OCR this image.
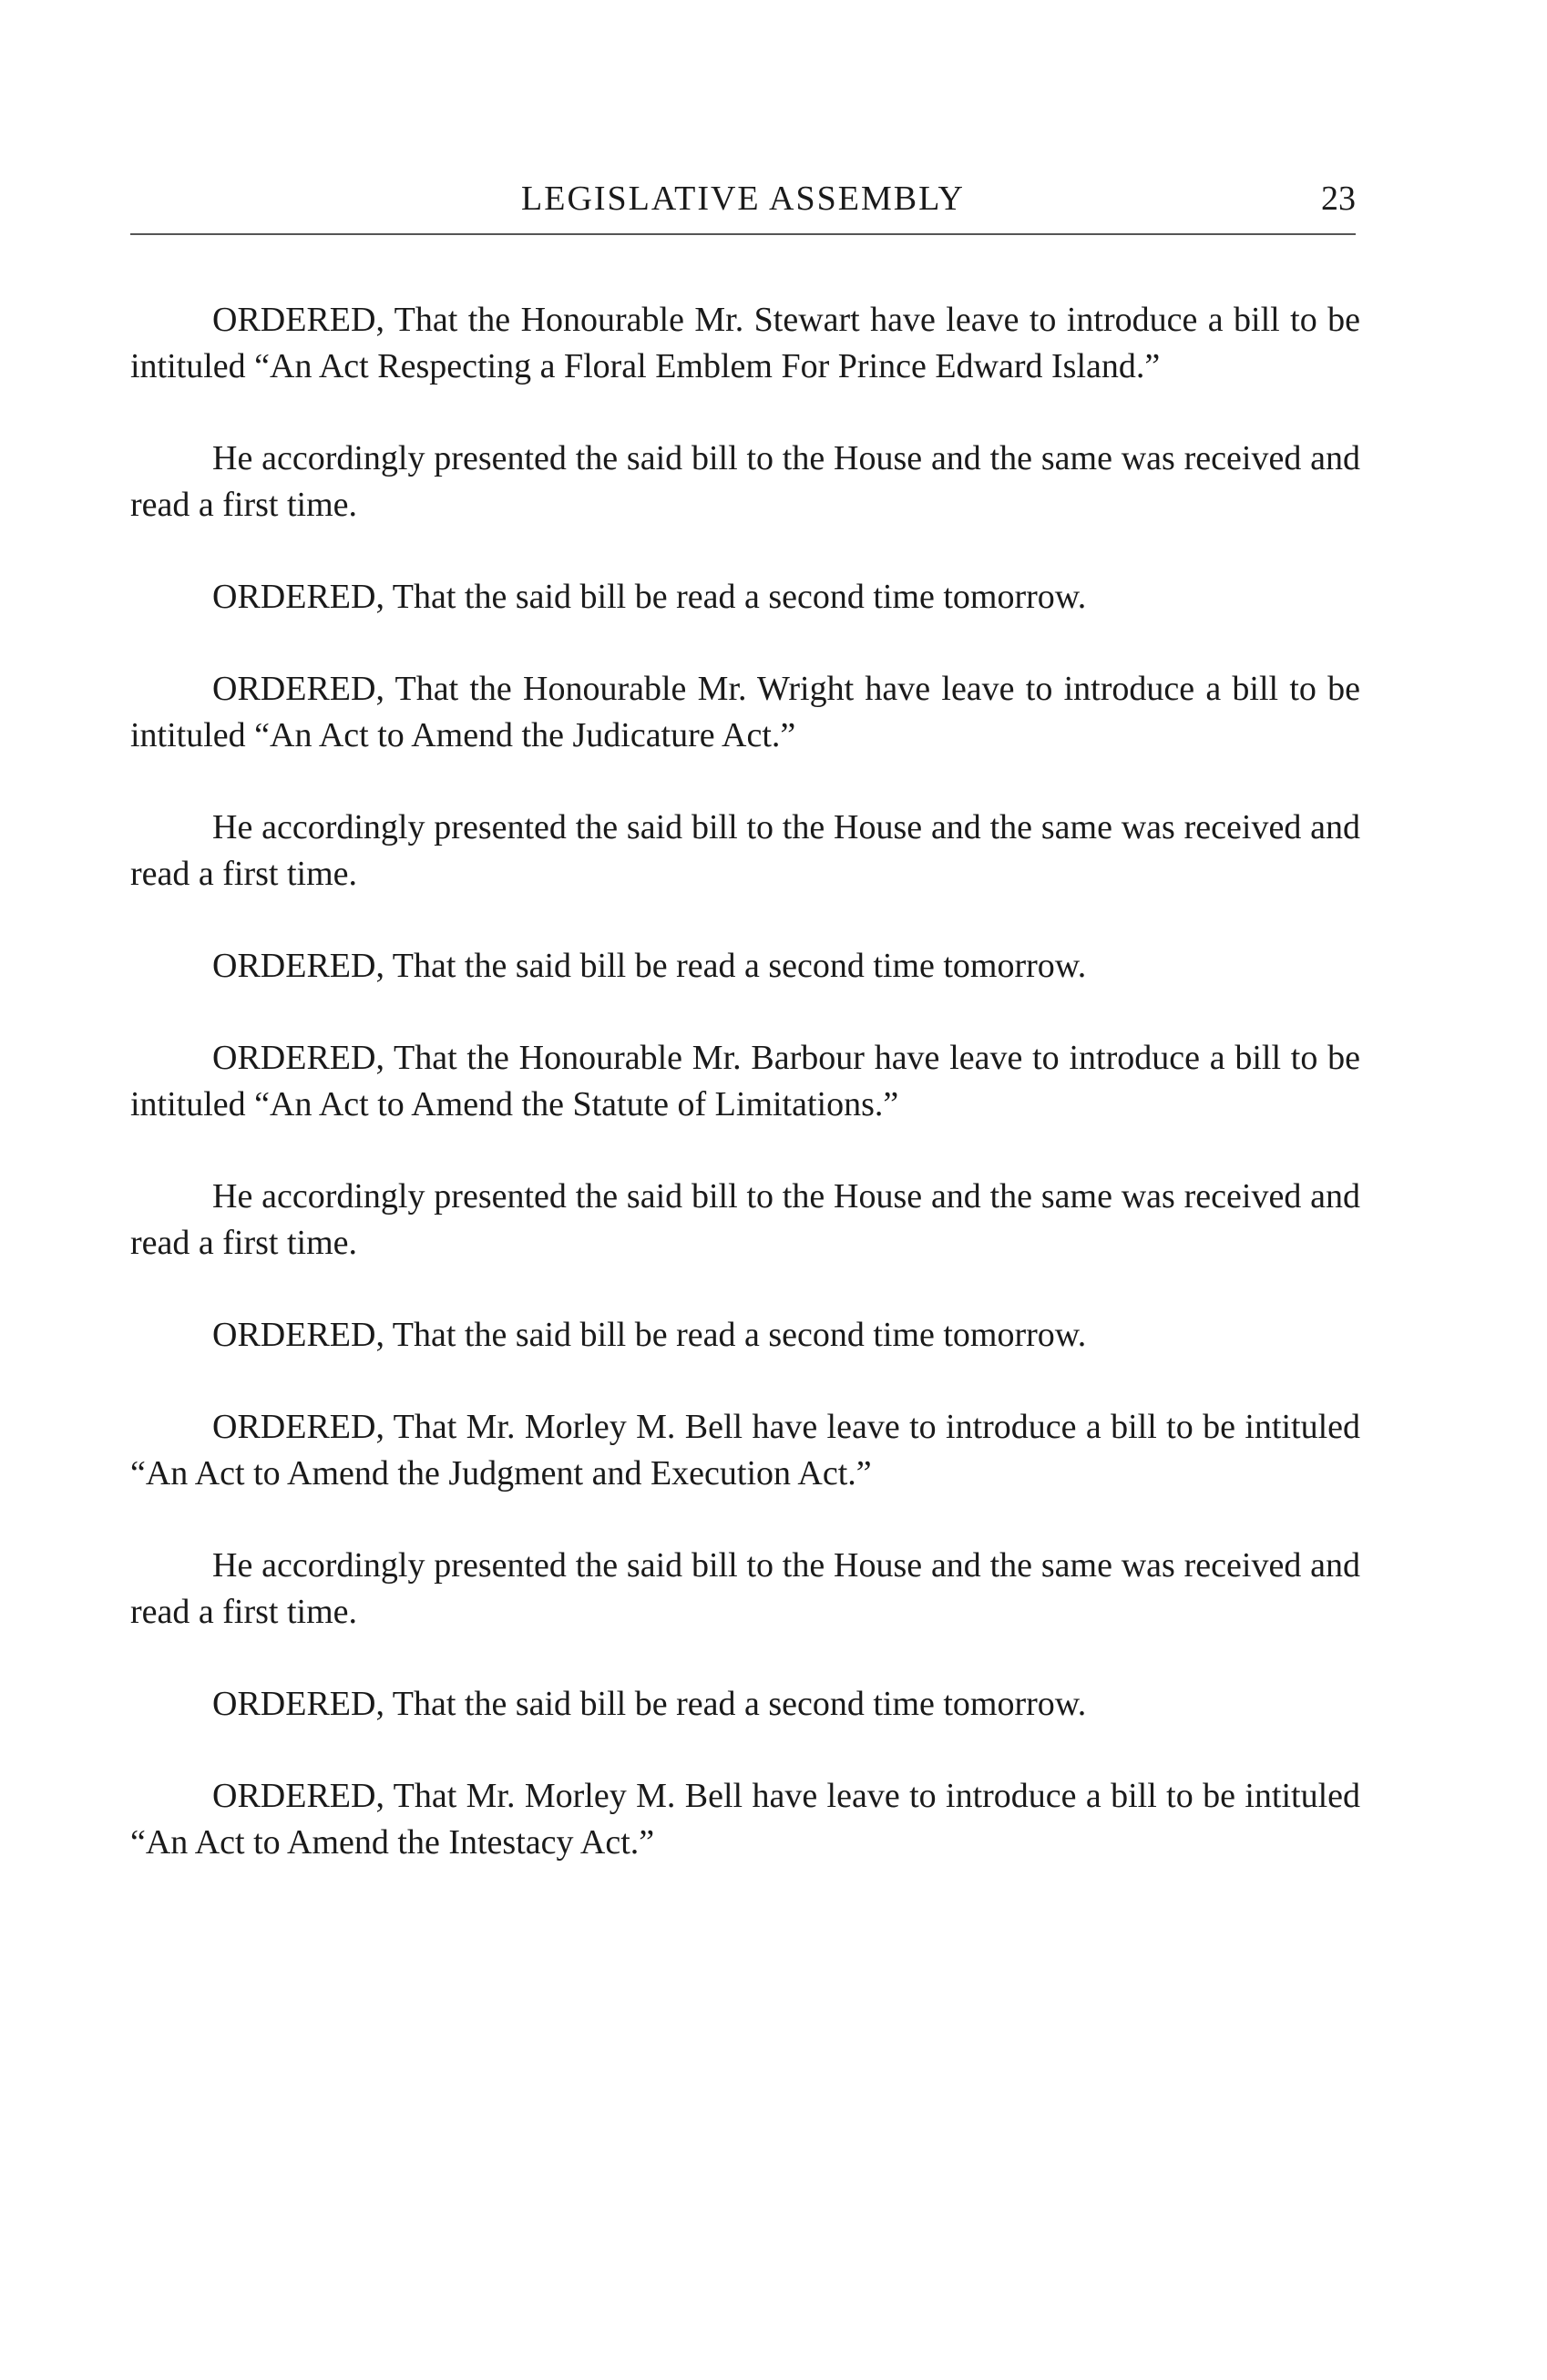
LEGISLATIVE ASSEMBLY	23

ORDERED, That the Honourable Mr. Stewart have leave to introduce a bill to be intituled “An Act Respecting a Floral Emblem For Prince Edward Island.”

He accordingly presented the said bill to the House and the same was received and read a first time.

ORDERED, That the said bill be read a second time tomorrow.

ORDERED, That the Honourable Mr. Wright have leave to introduce a bill to be intituled “An Act to Amend the Judicature Act.”

He accordingly presented the said bill to the House and the same was received and read a first time.

ORDERED, That the said bill be read a second time tomorrow.

ORDERED, That the Honourable Mr. Barbour have leave to introduce a bill to be intituled “An Act to Amend the Statute of Limitations.”

He accordingly presented the said bill to the House and the same was received and read a first time.

ORDERED, That the said bill be read a second time tomorrow.

ORDERED, That Mr. Morley M. Bell have leave to introduce a bill to be intituled “An Act to Amend the Judgment and Execution Act.”

He accordingly presented the said bill to the House and the same was received and read a first time.

ORDERED, That the said bill be read a second time tomorrow.

ORDERED, That Mr. Morley M. Bell have leave to introduce a bill to be intituled “An Act to Amend the Intestacy Act.”
